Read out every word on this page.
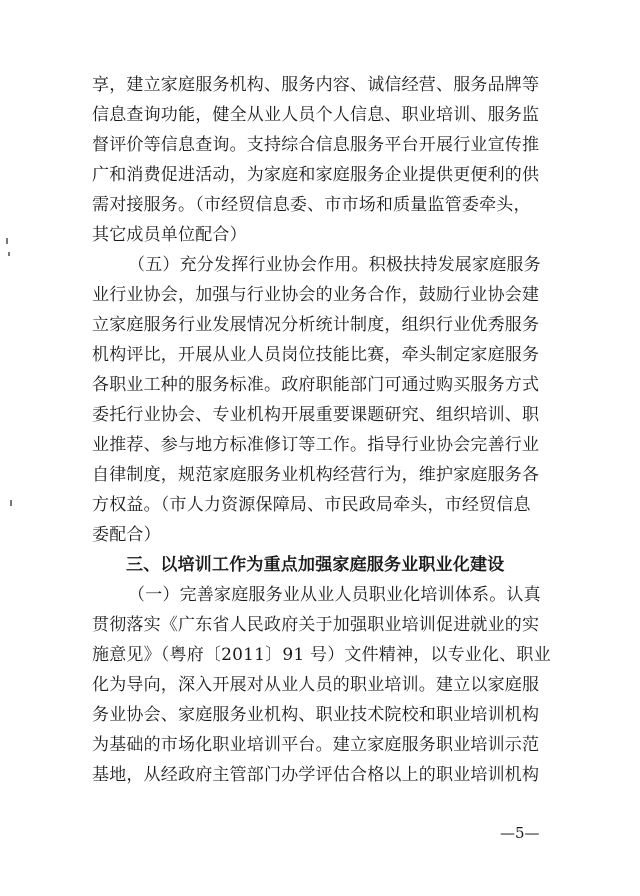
享，建立家庭服务机构、服务内容、诚信经营、服务品牌等
信息查询功能，健全从业人员个人信息、职业培训、服务监
督评价等信息查询。支持综合信息服务平台开展行业宣传推
广和消费促进活动，为家庭和家庭服务企业提供更便利的供
需对接服务。（市经贸信息委、市市场和质量监管委牵头，
其它成员单位配合）
（五）充分发挥行业协会作用。积极扶持发展家庭服务
业行业协会，加强与行业协会的业务合作，鼓励行业协会建
立家庭服务行业发展情况分析统计制度，组织行业优秀服务
机构评比，开展从业人员岗位技能比赛，牵头制定家庭服务
各职业工种的服务标准。政府职能部门可通过购买服务方式
委托行业协会、专业机构开展重要课题研究、组织培训、职
业推荐、参与地方标准修订等工作。指导行业协会完善行业
自律制度，规范家庭服务业机构经营行为，维护家庭服务各
方权益。（市人力资源保障局、市民政局牵头，市经贸信息
委配合）
三、以培训工作为重点加强家庭服务业职业化建设
（一）完善家庭服务业从业人员职业化培训体系。认真
贯彻落实《广东省人民政府关于加强职业培训促进就业的实
施意见》（粤府〔2011〕91 号）文件精神，以专业化、职业
化为导向，深入开展对从业人员的职业培训。建立以家庭服
务业协会、家庭服务业机构、职业技术院校和职业培训机构
为基础的市场化职业培训平台。建立家庭服务职业培训示范
基地，从经政府主管部门办学评估合格以上的职业培训机构
—5—
